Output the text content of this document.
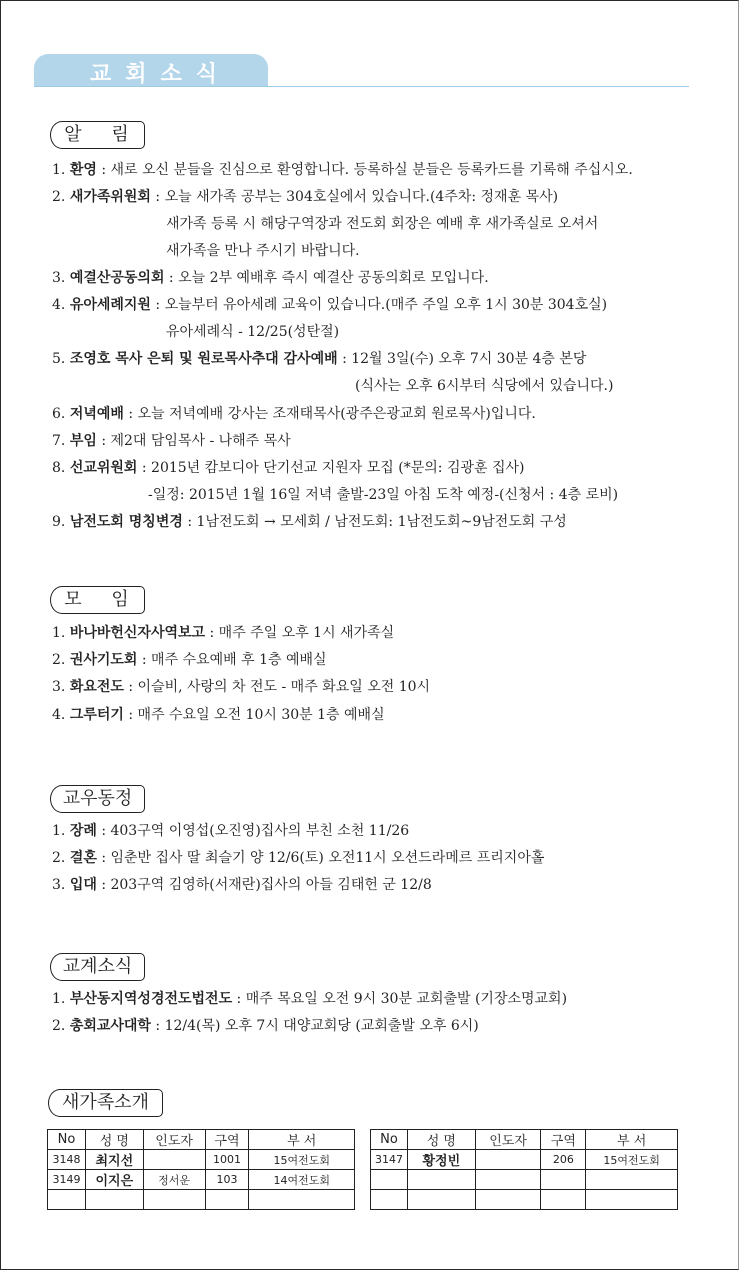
교회소식
알 림
1. 환영 : 새로 오신 분들을 진심으로 환영합니다. 등록하실 분들은 등록카드를 기록해 주십시오.
2. 새가족위원회 : 오늘 새가족 공부는 304호실에서 있습니다.(4주차: 정재훈 목사)
새가족 등록 시 해당구역장과 전도회 회장은 예배 후 새가족실로 오셔서
새가족을 만나 주시기 바랍니다.
3. 예결산공동의회 : 오늘 2부 예배후 즉시 예결산 공동의회로 모입니다.
4. 유아세례지원 : 오늘부터 유아세례 교육이 있습니다.(매주 주일 오후 1시 30분 304호실)
유아세례식 - 12/25(성탄절)
5. 조영호 목사 은퇴 및 원로목사추대 감사예배 : 12월 3일(수) 오후 7시 30분 4층 본당
(식사는 오후 6시부터 식당에서 있습니다.)
6. 저녁예배 : 오늘 저녁예배 강사는 조재태목사(광주은광교회 원로목사)입니다.
7. 부임 : 제2대 담임목사 - 나해주 목사
8. 선교위원회 : 2015년 캄보디아 단기선교 지원자 모집 (*문의: 김광훈 집사)
-일정: 2015년 1월 16일 저녁 출발-23일 아침 도착 예정-(신청서 : 4층 로비)
9. 남전도회 명칭변경 : 1남전도회 → 모세회 / 남전도회: 1남전도회~9남전도회 구성
모 임
1. 바나바헌신자사역보고 : 매주 주일 오후 1시 새가족실
2. 권사기도회 : 매주 수요예배 후 1층 예배실
3. 화요전도 : 이슬비, 사랑의 차 전도 - 매주 화요일 오전 10시
4. 그루터기 : 매주 수요일 오전 10시 30분 1층 예배실
교우동정
1. 장례 : 403구역 이영섭(오진영)집사의 부친 소천 11/26
2. 결혼 : 임춘반 집사 딸 최슬기 양 12/6(토) 오전11시 오션드라메르 프리지아홀
3. 입대 : 203구역 김영하(서재란)집사의 아들 김태헌 군 12/8
교계소식
1. 부산동지역성경전도법전도 : 매주 목요일 오전 9시 30분 교회출발 (기장소명교회)
2. 총회교사대학 : 12/4(목) 오후 7시 대양교회당 (교회출발 오후 6시)
새가족소개
No	성 명	인도자	구역	부 서
3148	최지선		1001	15여전도회
3149	이지은	정서운	103	14여전도회

No	성 명	인도자	구역	부 서
3147	황정빈		206	15여전도회
